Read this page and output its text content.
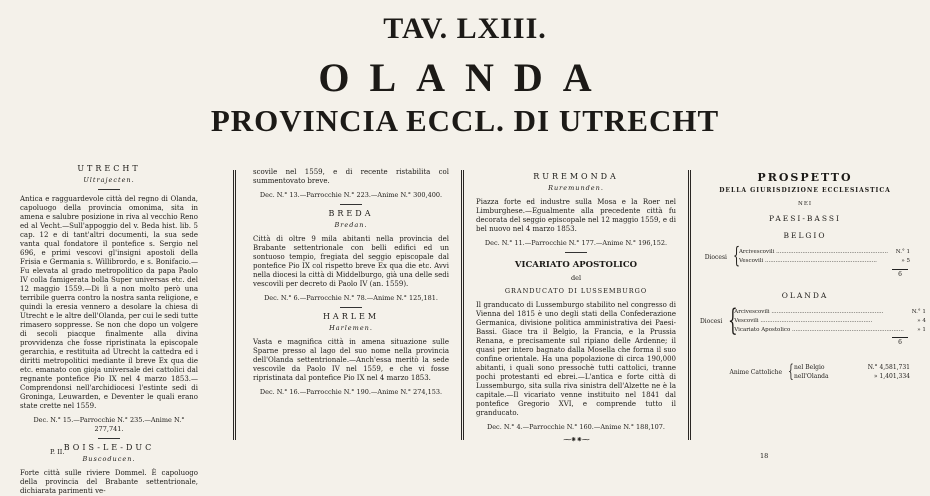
TAV. LXIII.
OLANDA
PROVINCIA ECCL. DI UTRECHT
UTRECHT
Ultrajecten.
Antica e ragguardevole città del regno di Olanda, capoluogo della provincia omonima, sita in amena e salubre posizione in riva al vecchio Reno ed al Vecht.—Sull'appoggio del v. Beda hist. lib. 5 cap. 12 e di tant'altri documenti, la sua sede vanta qual fondatore il pontefice s. Sergio nel 696, e primi vescovi gl'insigni apostoli della Frisia e Germania s. Willibrordo, e s. Bonifacio.—Fu elevata al grado metropolitico da papa Paolo IV colla famigerata bolla Super universas etc. del 12 maggio 1559.—Di lì a non molto però una terribile guerra contro la nostra santa religione, e quindi la eresia vennero a desolare la chiesa di Utrecht e le altre dell'Olanda, per cui le sedi tutte rimasero soppresse. Se non che dopo un volgere di secoli piacque finalmente alla divina provvidenza che fosse ripristinata la episcopale gerarchia, e restituita ad Utrecht la cattedra ed i diritti metropolitici mediante il breve Ex qua die etc. emanato con gioja universale dei cattolici dal regnante pontefice Pio IX nel 4 marzo 1853.—Comprendonsi nell'archidiocesi l'estinte sedi di Groninga, Leuwarden, e Deventer le quali erano state crette nel 1559.
Dec. N.° 15.—Parrocchie N.° 235.—Anime N.° 277,741.
BOIS-LE-DUC
Buscoducen.
Forte città sulle riviere Dommel. È capoluogo della provincia del Brabante settentrionale, dichiarata parimenti ve-
P. II.
scovile nel 1559, e di recente ristabilita col summentovato breve.
Dec. N.° 13.—Parrocchie N.° 223.—Anime N.° 300,400.
BREDA
Bredan.
Città di oltre 9 mila abitanti nella provincia del Brabante settentrionale con belli edifici ed un sontuoso tempio, fregiata del seggio episcopale dal pontefice Pio IX col rispetto breve Ex qua die etc. Avvi nella diocesi la città di Middelburgo, già una delle sedi vescovili per decreto di Paolo IV (an. 1559).
Dec. N.° 6.—Parrocchie N.° 78.—Anime N.° 125,181.
HARLEM
Harlemen.
Vasta e magnifica città in amena situazione sulle Sparne presso al lago del suo nome nella provincia dell'Olanda settentrionale.—Anch'essa meritò la sede vescovile da Paolo IV nel 1559, e che vi fosse ripristinata dal pontefice Pio IX nel 4 marzo 1853.
Dec. N.° 16.—Parrocchie N.° 190.—Anime N.° 274,153.
RUREMONDA
Ruremunden.
Piazza forte ed industre sulla Mosa e la Roer nel Limburghese.—Egualmente alla precedente città fu decorata del seggio episcopale nel 12 maggio 1559, e di bel nuovo nel 4 marzo 1853.
Dec. N.° 11.—Parrocchie N.° 177.—Anime N.° 196,152.
VICARIATO APOSTOLICO
del
GRANDUCATO DI LUSSEMBURGO
Il granducato di Lussemburgo stabilito nel congresso di Vienna del 1815 è uno degli stati della Confederazione Germanica, divisione politica amministrativa dei Paesi-Bassi. Giace tra il Belgio, la Francia, e la Prussia Renana, e precisamente sul ripiano delle Ardenne; il quasi per intero bagnato dalla Mosella che forma il suo confine orientale. Ha una popolazione di circa 190,000 abitanti, i quali sono pressochè tutti cattolici, tranne pochi protestanti ed ebrei.—L'antica e forte città di Lussemburgo, sita sulla riva sinistra dell'Alzette ne è la capitale.—Il vicariato venne instituito nel 1841 dal pontefice Gregorio XVI, e comprende tutto il granducato.
Dec. N.° 4.—Parrocchie N.° 160.—Anime N.° 188,107.
⁓⁕⁕⁓
PROSPETTO
DELLA GIURISDIZIONE ECCLESIASTICA
NEI
PAESI-BASSI
BELGIO
Diocesi { Arcivescovili .....	N.° 1
Vescovili .....	» 5
6
OLANDA
Diocesi {
Arcivescovili .....	N.° 1
Vescovili .....	» 4
Vicariato Apostolico .....	» 1
6
Anime Cattoliche { nel Belgio	N.° 4,581,731
nell'Olanda	» 1,401,334
18
